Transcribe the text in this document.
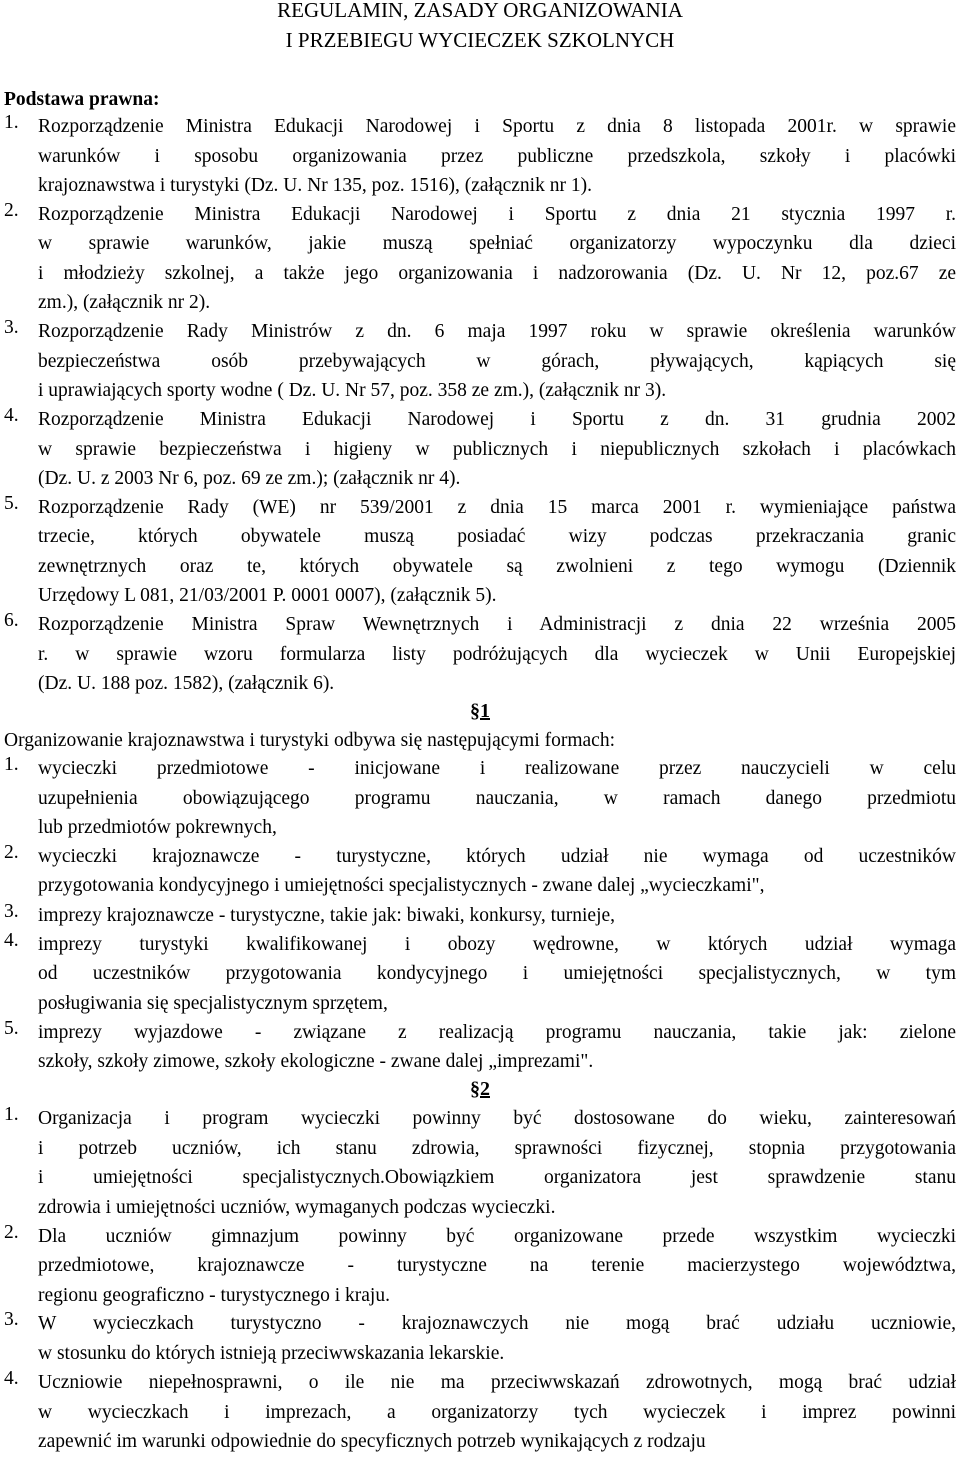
REGULAMIN, ZASADY ORGANIZOWANIA
I PRZEBIEGU WYCIECZEK SZKOLNYCH
Podstawa prawna:
1. Rozporządzenie Ministra Edukacji Narodowej i Sportu z dnia 8 listopada 2001r. w sprawie
warunków i sposobu organizowania przez publiczne przedszkola, szkoły i placówki
krajoznawstwa i turystyki (Dz. U. Nr 135, poz. 1516), (załącznik nr 1).
2. Rozporządzenie Ministra Edukacji Narodowej i Sportu z dnia 21 stycznia 1997 r.
w sprawie warunków, jakie muszą spełniać organizatorzy wypoczynku dla dzieci
i młodzieży szkolnej, a także jego organizowania i nadzorowania (Dz. U. Nr 12, poz.67 ze
zm.), (załącznik nr 2).
3. Rozporządzenie Rady Ministrów z dn. 6 maja 1997 roku w sprawie określenia warunków
bezpieczeństwa osób przebywających w górach, pływających, kąpiących się
i uprawiających sporty wodne ( Dz. U. Nr 57, poz. 358 ze zm.), (załącznik nr 3).
4. Rozporządzenie Ministra Edukacji Narodowej i Sportu z dn. 31 grudnia 2002
w sprawie bezpieczeństwa i higieny w publicznych i niepublicznych szkołach i placówkach
(Dz. U. z 2003 Nr 6, poz. 69 ze zm.); (załącznik nr 4).
5. Rozporządzenie Rady (WE) nr 539/2001 z dnia 15 marca 2001 r. wymieniające państwa
trzecie, których obywatele muszą posiadać wizy podczas przekraczania granic
zewnętrznych oraz te, których obywatele są zwolnieni z tego wymogu (Dziennik
Urzędowy L 081, 21/03/2001 P. 0001 0007), (załącznik 5).
6. Rozporządzenie Ministra Spraw Wewnętrznych i Administracji z dnia 22 września 2005
r. w sprawie wzoru formularza listy podróżujących dla wycieczek w Unii Europejskiej
(Dz. U. 188 poz. 1582), (załącznik 6).
§1
Organizowanie krajoznawstwa i turystyki odbywa się następującymi formach:
1. wycieczki przedmiotowe - inicjowane i realizowane przez nauczycieli w celu
uzupełnienia obowiązującego programu nauczania, w ramach danego przedmiotu
lub przedmiotów pokrewnych,
2. wycieczki krajoznawcze - turystyczne, których udział nie wymaga od uczestników
przygotowania kondycyjnego i umiejętności specjalistycznych - zwane dalej „wycieczkami",
3. imprezy krajoznawcze - turystyczne, takie jak: biwaki, konkursy, turnieje,
4. imprezy turystyki kwalifikowanej i obozy wędrowne, w których udział wymaga
od uczestników przygotowania kondycyjnego i umiejętności specjalistycznych, w tym
posługiwania się specjalistycznym sprzętem,
5. imprezy wyjazdowe - związane z realizacją programu nauczania, takie jak: zielone
szkoły, szkoły zimowe, szkoły ekologiczne - zwane dalej „imprezami".
§2
1. Organizacja i program wycieczki powinny być dostosowane do wieku, zainteresowań
i potrzeb uczniów, ich stanu zdrowia, sprawności fizycznej, stopnia przygotowania
i umiejętności specjalistycznych.Obowiązkiem organizatora jest sprawdzenie stanu
zdrowia i umiejętności uczniów, wymaganych podczas wycieczki.
2. Dla uczniów gimnazjum powinny być organizowane przede wszystkim wycieczki
przedmiotowe, krajoznawcze - turystyczne na terenie macierzystego województwa,
regionu geograficzno - turystycznego i kraju.
3. W wycieczkach turystyczno - krajoznawczych nie mogą brać udziału uczniowie,
w stosunku do których istnieją przeciwwskazania lekarskie.
4. Uczniowie niepełnosprawni, o ile nie ma przeciwwskazań zdrowotnych, mogą brać udział
w wycieczkach i imprezach, a organizatorzy tych wycieczek i imprez powinni
zapewnić im warunki odpowiednie do specyficznych potrzeb wynikających z rodzaju
